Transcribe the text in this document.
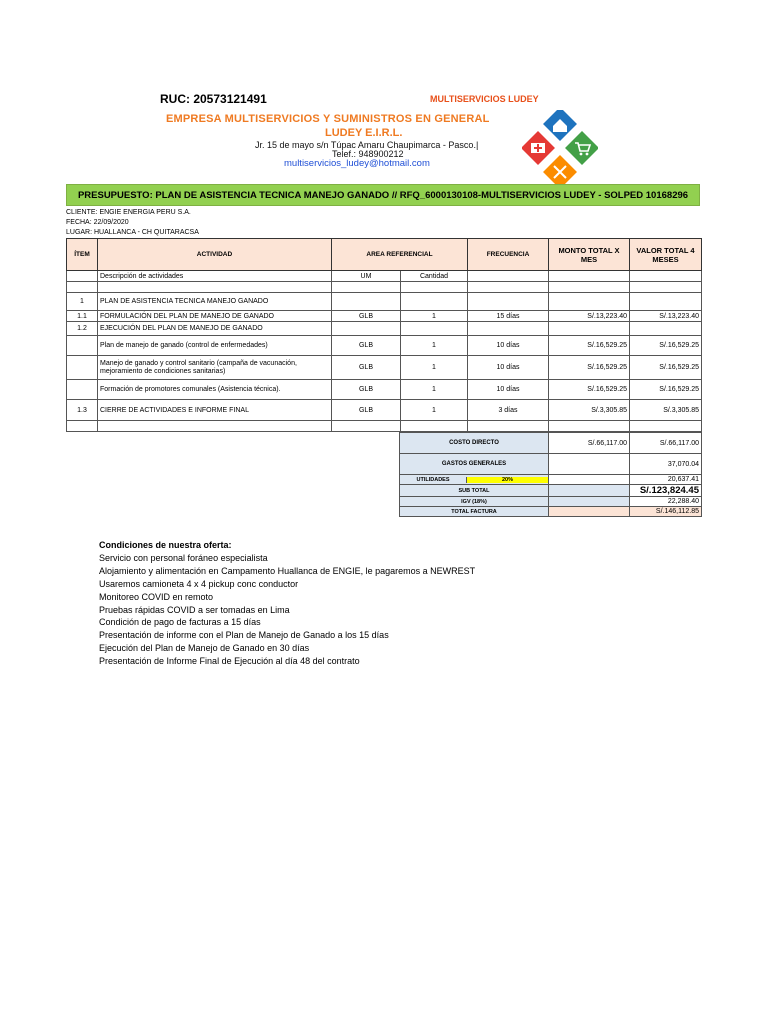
RUC: 20573121491	MULTISERVICIOS LUDEY
EMPRESA MULTISERVICIOS Y SUMINISTROS EN GENERAL
LUDEY E.I.R.L.
Jr. 15 de mayo s/n Túpac Amaru Chaupimarca - Pasco.|
Telef.: 948900212
multiservicios_ludey@hotmail.com
PRESUPUESTO: PLAN DE ASISTENCIA TECNICA MANEJO GANADO // RFQ_6000130108-MULTISERVICIOS LUDEY - SOLPED 10168296
CLIENTE: ENGIE ENERGIA PERU S.A.
FECHA: 22/09/2020
LUGAR: HUALLANCA - CH QUITARACSA
ÍTEM	ACTIVIDAD	AREA REFERENCIAL		FRECUENCIA	MONTO TOTAL X MES	VALOR TOTAL 4 MESES
	Descripción de actividades	UM	Cantidad			

1	PLAN DE ASISTENCIA TECNICA MANEJO GANADO					
1.1	FORMULACIÓN DEL PLAN DE MANEJO DE GANADO	GLB	1	15 días	S/.13,223.40	S/.13,223.40
1.2	EJECUCIÓN DEL PLAN DE MANEJO DE GANADO					
	Plan de manejo de ganado (control de enfermedades)	GLB	1	10 días	S/.16,529.25	S/.16,529.25
	Manejo de ganado y control sanitario (campaña de vacunación, mejoramiento de condiciones sanitarias)	GLB	1	10 días	S/.16,529.25	S/.16,529.25
	Formación de promotores comunales (Asistencia técnica).	GLB	1	10 días	S/.16,529.25	S/.16,529.25
1.3	CIERRE DE ACTIVIDADES E INFORME FINAL	GLB	1	3 días	S/.3,305.85	S/.3,305.85

COSTO DIRECTO	S/.66,117.00	S/.66,117.00
GASTOS GENERALES		37,070.04
UTILIDADES 20%		20,637.41
SUB TOTAL		S/.123,824.45
IGV (18%)		22,288.40
TOTAL FACTURA		S/.146,112.85
Condiciones de nuestra oferta:
Servicio con personal foráneo especialista
Alojamiento y alimentación en Campamento Huallanca de ENGIE, le pagaremos a NEWREST
Usaremos camioneta 4 x 4 pickup conc conductor
Monitoreo COVID en remoto
Pruebas rápidas COVID a ser tomadas en Lima
Condición de pago de facturas a 15 días
Presentación de informe con el Plan de Manejo de Ganado a los 15 días
Ejecución del Plan de Manejo de Ganado en 30 días
Presentación de Informe Final de Ejecución al día 48 del contrato
